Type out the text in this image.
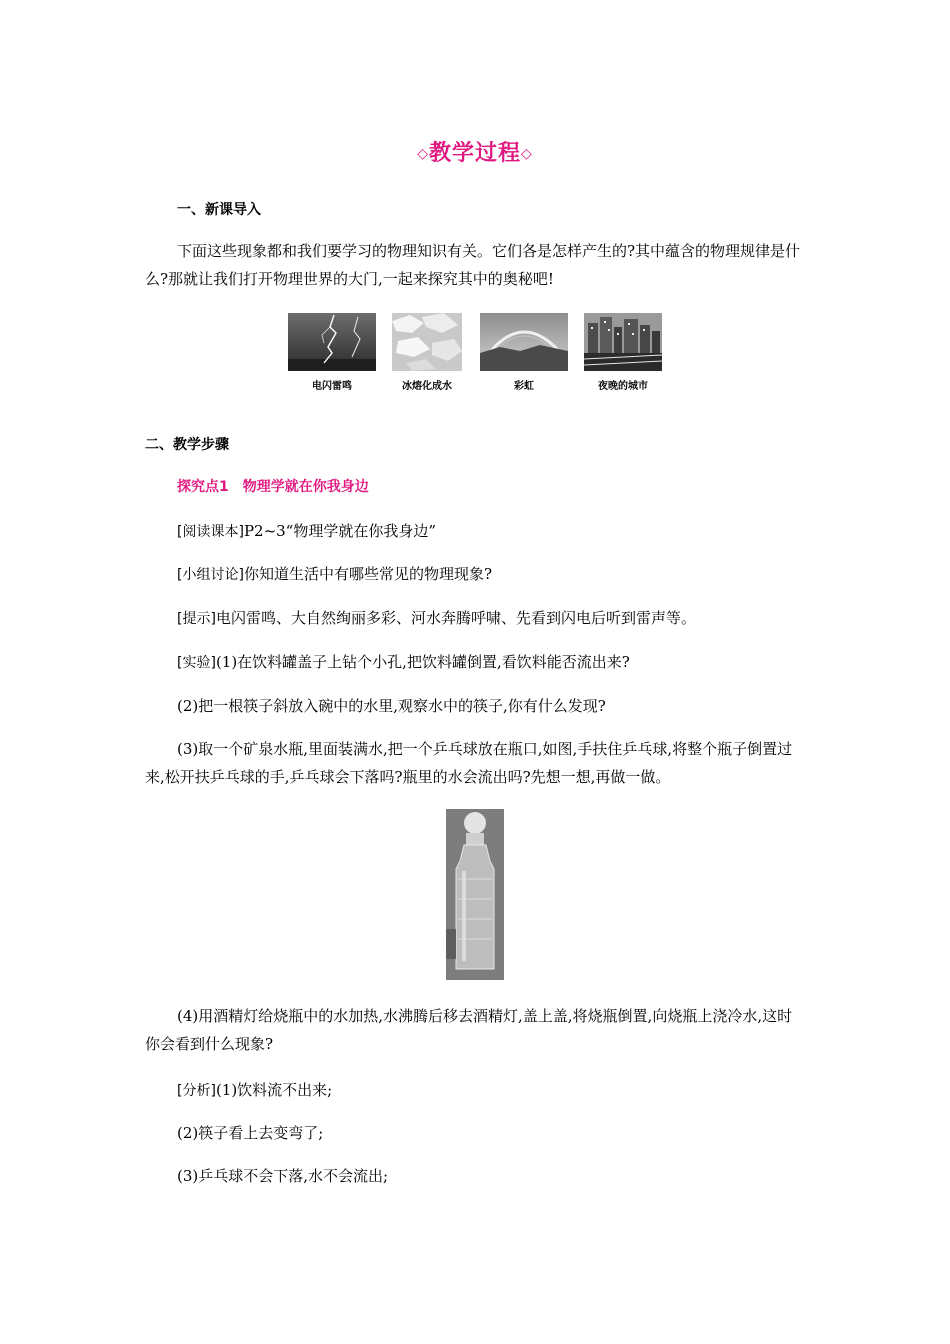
◇教学过程◇
一、新课导入
下面这些现象都和我们要学习的物理知识有关。它们各是怎样产生的?其中蕴含的物理规律是什么?那就让我们打开物理世界的大门,一起来探究其中的奥秘吧!
电闪雷鸣	冰熔化成水	彩虹	夜晚的城市
二、教学步骤
探究点1　物理学就在你我身边
[阅读课本]P2~3“物理学就在你我身边”
[小组讨论]你知道生活中有哪些常见的物理现象?
[提示]电闪雷鸣、大自然绚丽多彩、河水奔腾呼啸、先看到闪电后听到雷声等。
[实验](1)在饮料罐盖子上钻个小孔,把饮料罐倒置,看饮料能否流出来?
(2)把一根筷子斜放入碗中的水里,观察水中的筷子,你有什么发现?
(3)取一个矿泉水瓶,里面装满水,把一个乒乓球放在瓶口,如图,手扶住乒乓球,将整个瓶子倒置过来,松开扶乒乓球的手,乒乓球会下落吗?瓶里的水会流出吗?先想一想,再做一做。
(4)用酒精灯给烧瓶中的水加热,水沸腾后移去酒精灯,盖上盖,将烧瓶倒置,向烧瓶上浇冷水,这时你会看到什么现象?
[分析](1)饮料流不出来;
(2)筷子看上去变弯了;
(3)乒乓球不会下落,水不会流出;
